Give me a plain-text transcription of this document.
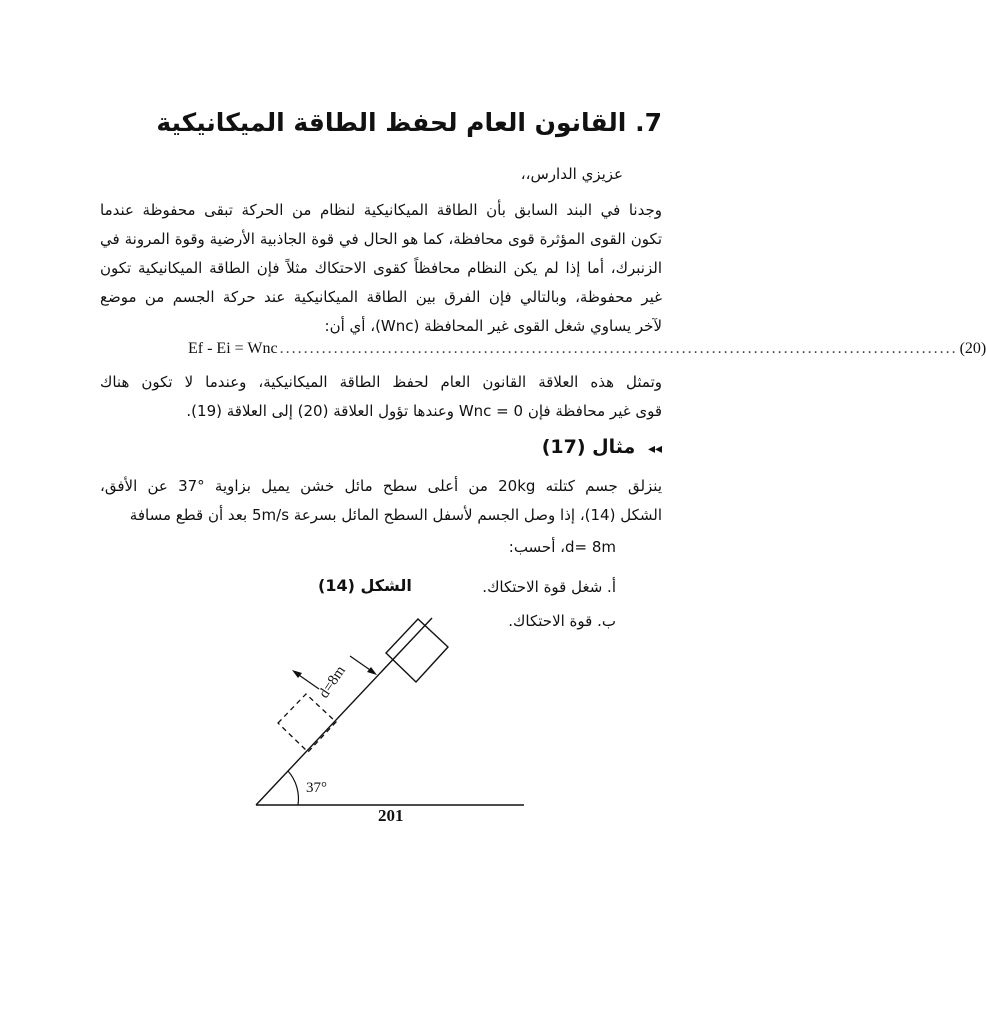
7. القانون العام لحفظ الطاقة الميكانيكية
عزيزي الدارس،،
وجدنا في البند السابق بأن الطاقة الميكانيكية لنظام من الحركة تبقى محفوظة عندما
تكون القوى المؤثرة قوى محافظة، كما هو الحال في قوة الجاذبية الأرضية وقوة المرونة في
الزنبرك، أما إذا لم يكن النظام محافظاً كقوى الاحتكاك مثلاً فإن الطاقة الميكانيكية تكون
غير محفوظة، وبالتالي فإن الفرق بين الطاقة الميكانيكية عند حركة الجسم من موضع
لآخر يساوي شغل القوى غير المحافظة (Wnc)، أي أن:
Ef - Ei = Wnc ................................................................................................................. (20)
وتمثل هذه العلاقة القانون العام لحفظ الطاقة الميكانيكية، وعندما لا تكون هناك
قوى غير محافظة فإن Wnc = 0 وعندها تؤول العلاقة (20) إلى العلاقة (19).
◂◂ مثال (17)
ينزلق جسم كتلته 20kg من أعلى سطح مائل خشن يميل بزاوية °37 عن الأفق،
الشكل (14)، إذا وصل الجسم لأسفل السطح المائل بسرعة 5m/s بعد أن قطع مسافة
d= 8m، أحسب:
أ. شغل قوة الاحتكاك.
ب. قوة الاحتكاك.
الشكل (14)
d=8m
37°
201
